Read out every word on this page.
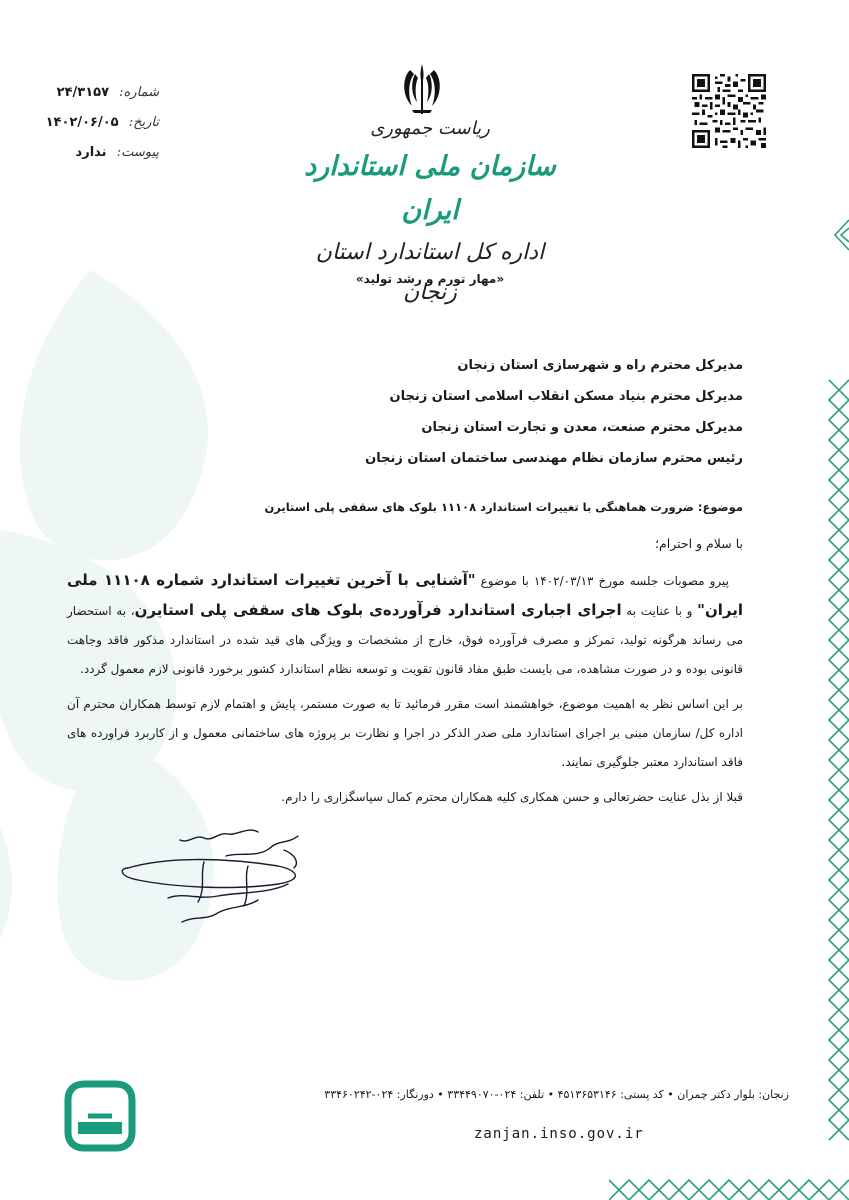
شماره: ۲۴/۳۱۵۷
تاریخ: ۱۴۰۲/۰۶/۰۵
پیوست: ندارد
ریاست جمهوری
سازمان ملی استاندارد ایران
اداره کل استاندارد استان زنجان
«مهار تورم و رشد تولید»
مدیرکل محترم راه و شهرسازی استان زنجان
مدیرکل محترم بنیاد مسکن انقلاب اسلامی استان زنجان
مدیرکل محترم صنعت، معدن و تجارت استان زنجان
رئیس محترم سازمان نظام مهندسی ساختمان استان زنجان
موضوع: ضرورت هماهنگی با تغییرات استاندارد ۱۱۱۰۸ بلوک های سقفی پلی استایرن
با سلام و احترام؛

پیرو مصوبات جلسه مورخ ۱۴۰۲/۰۳/۱۳ با موضوع "آشنایی با آخرین تغییرات استاندارد شماره ۱۱۱۰۸ ملی ایران" و با عنایت به اجرای اجباری استاندارد فرآورده‌ی بلوک های سقفی پلی استایرن، به استحضار می رساند هرگونه تولید، تمرکز و مصرف فرآورده فوق، خارج از مشخصات و ویژگی های قید شده در استاندارد مذکور فاقد وجاهت قانونی بوده و در صورت مشاهده، می بایست طبق مفاد قانون تقویت و توسعه نظام استاندارد کشور برخورد قانونی لازم معمول گردد.

بر این اساس نظر به اهمیت موضوع، خواهشمند است مقرر فرمائید تا به صورت مستمر، پایش و اهتمام لازم توسط همکاران محترم آن اداره کل/ سازمان مبنی بر اجرای استاندارد ملی صدر الذکر در اجرا و نظارت بر پروژه های ساختمانی معمول و از کاربرد فراورده های فاقد استاندارد معتبر جلوگیری نمایند.

قبلا از بذل عنایت حضرتعالی و حسن همکاری کلیه همکاران محترم کمال سپاسگزاری را دارم.

زنجان: بلوار دکتر چمران • کد پستی: ۴۵۱۳۶۵۳۱۴۶ • تلفن: ۰۲۴-۳۳۴۴۹۰۷۰ • دورنگار: ۰۲۴-۳۳۴۶۰۲۴۲
zanjan.inso.gov.ir
